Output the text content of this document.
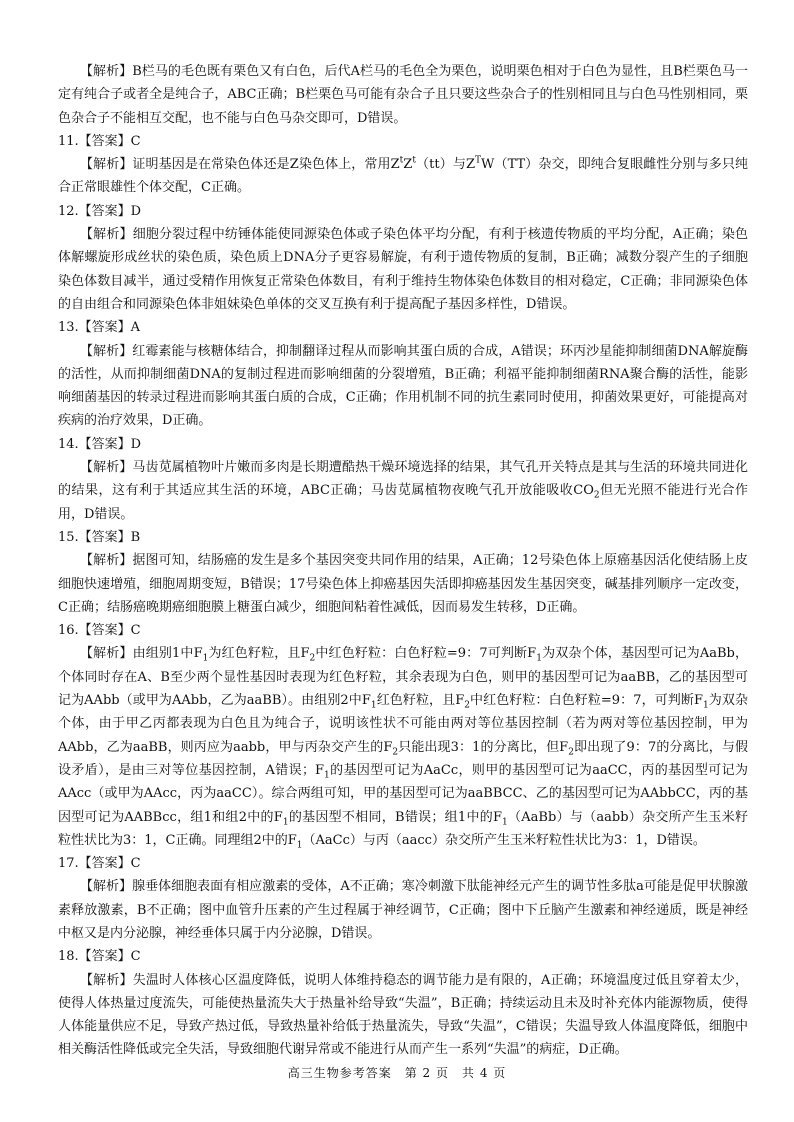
【解析】B栏马的毛色既有栗色又有白色，后代A栏马的毛色全为栗色，说明栗色相对于白色为显性，且B栏栗色马一定有纯合子或者全是纯合子，ABC正确；B栏栗色马可能有杂合子且只要这些杂合子的性别相同且与白色马性别相同，栗色杂合子不能相互交配，也不能与白色马杂交即可，D错误。

11.【答案】C

【解析】证明基因是在常染色体还是Z染色体上，常用$Z^tZ^t(tt)$与$Z^TW(TT)$杂交，即纯合复眼雌性分别与多只纯合正常眼雄性个体交配，C正确。

12.【答案】D

【解析】细胞分裂过程中纺锤体能使同源染色体或子染色体平均分配，有利于核遗传物质的平均分配，A正确；染色体解螺旋形成丝状的染色质，染色质上DNA分子更容易解旋，有利于遗传物质的复制，B正确；减数分裂产生的子细胞染色体数目减半，通过受精作用恢复正常染色体数目，有利于维持生物体染色体数目的相对稳定，C正确；非同源染色体的自由组合和同源染色体非姐妹染色单体的交叉互换有利于提高配子基因多样性，D错误。

13.【答案】A

【解析】红霉素能与核糖体结合，抑制翻译过程从而影响其蛋白质的合成，A错误；环丙沙星能抑制细菌DNA解旋酶的活性，从而抑制细菌DNA的复制过程进而影响细菌的分裂增殖，B正确；利福平能抑制细菌RNA聚合酶的活性，能影响细菌基因的转录过程进而影响其蛋白质的合成，C正确；作用机制不同的抗生素同时使用，抑菌效果更好，可能提高对疾病的治疗效果，D正确。

14.【答案】D

【解析】马齿苋属植物叶片嫩而多肉是长期遭酷热干燥环境选择的结果，其气孔开关特点是其与生活的环境共同进化的结果，这有利于其适应其生活的环境，ABC正确；马齿苋属植物夜晚气孔开放能吸收$CO_2$但无光照不能进行光合作用，D错误。

15.【答案】B

【解析】据图可知，结肠癌的发生是多个基因突变共同作用的结果，A正确；12号染色体上原癌基因活化使结肠上皮细胞快速增殖，细胞周期变短，B错误；17号染色体上抑癌基因失活即抑癌基因发生基因突变，碱基排列顺序一定改变，C正确；结肠癌晚期癌细胞膜上糖蛋白减少，细胞间粘着性减低，因而易发生转移，D正确。

16.【答案】C

【解析】由组别1中$F_1$为红色籽粒，且$F_2$中红色籽粒：白色籽粒=9：7可判断$F_1$为双杂个体，基因型可记为AaBb，个体同时存在A、B至少两个显性基因时表现为红色籽粒，其余表现为白色，则甲的基因型可记为aaBB，乙的基因型可记为AAbb（或甲为AAbb，乙为aaBB）。由组别2中$F_1$红色籽粒，且$F_2$中红色籽粒：白色籽粒=9：7，可判断$F_1$为双杂个体，由于甲乙丙都表现为白色且为纯合子，说明该性状不可能由两对等位基因控制（若为两对等位基因控制，甲为AAbb，乙为aaBB，则丙应为aabb，甲与丙杂交产生的$F_2$只能出现3：1的分离比，但$F_2$即出现了9：7的分离比，与假设矛盾），是由三对等位基因控制，A错误；$F_1$的基因型可记为AaCc，则甲的基因型可记为aaCC，丙的基因型可记为AAcc（或甲为AAcc，丙为aaCC）。综合两组可知，甲的基因型可记为aaBBCC、乙的基因型可记为AAbbCC，丙的基因型可记为AABBcc，组1和组2中的$F_1$的基因型不相同，B错误；组1中的$F_1(AaBb)$与（aabb）杂交所产生玉米籽粒性状比为3：1，C正确。同理组2中的$F_1(AaCc)$与丙（aacc）杂交所产生玉米籽粒性状比为3：1，D错误。

17.【答案】C

【解析】腺垂体细胞表面有相应激素的受体，A不正确；寒冷刺激下肽能神经元产生的调节性多肽a可能是促甲状腺激素释放激素，B不正确；图中血管升压素的产生过程属于神经调节，C正确；图中下丘脑产生激素和神经递质，既是神经中枢又是内分泌腺，神经垂体只属于内分泌腺，D错误。

18.【答案】C

【解析】失温时人体核心区温度降低，说明人体维持稳态的调节能力是有限的，A正确；环境温度过低且穿着太少，使得人体热量过度流失，可能使热量流失大于热量补给导致“失温”，B正确；持续运动且未及时补充体内能源物质，使得人体能量供应不足，导致产热过低，导致热量补给低于热量流失，导致“失温”，C错误；失温导致人体温度降低，细胞中相关酶活性降低或完全失活，导致细胞代谢异常或不能进行从而产生一系列“失温”的病症，D正确。

高三生物参考答案　第 2 页　共 4 页
